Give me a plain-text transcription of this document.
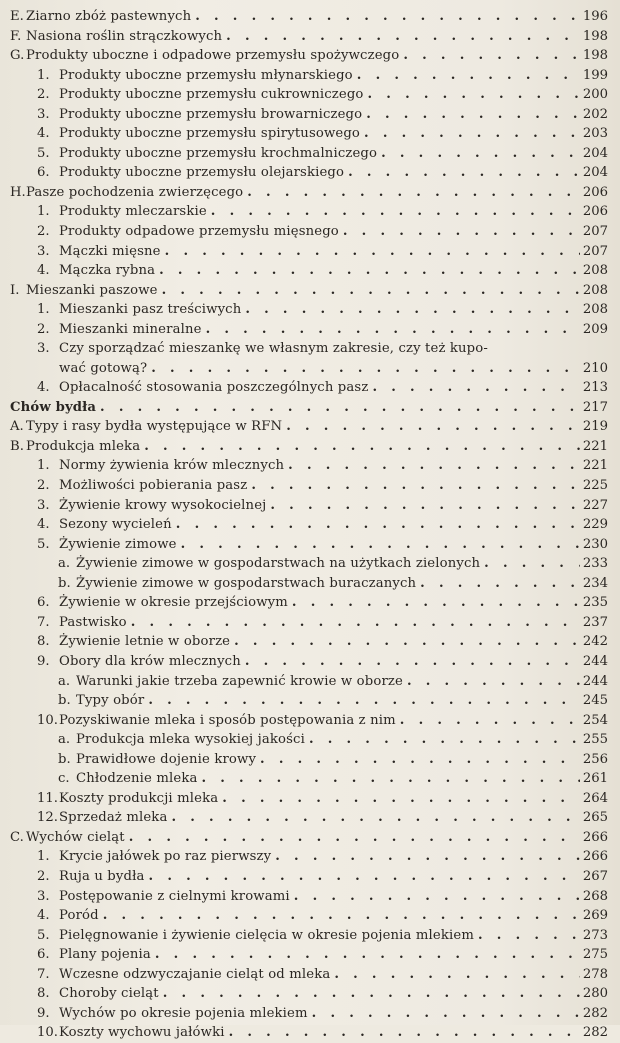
E. Ziarno zbóż pastewnych . . .	196
F. Nasiona roślin strączkowych . . .	198
G. Produkty uboczne i odpadowe przemysłu spożywczego . . .	198
1. Produkty uboczne przemysłu młynarskiego . . .	199
2. Produkty uboczne przemysłu cukrowniczego . . .	200
3. Produkty uboczne przemysłu browarniczego . . .	202
4. Produkty uboczne przemysłu spirytusowego . . .	203
5. Produkty uboczne przemysłu krochmalniczego . . .	204
6. Produkty uboczne przemysłu olejarskiego . . .	204
H. Pasze pochodzenia zwierzęcego . . .	206
1. Produkty mleczarskie . . .	206
2. Produkty odpadowe przemysłu mięsnego . . .	207
3. Mączki mięsne . . .	207
4. Mączka rybna . . .	208
I. Mieszanki paszowe . . .	208
1. Mieszanki pasz treściwych . . .	208
2. Mieszanki mineralne . . .	209
3. Czy sporządzać mieszankę we własnym zakresie, czy też kupo-
wać gotową? . . .	210
4. Opłacalność stosowania poszczególnych pasz . . .	213
Chów bydła . . .	217
A. Typy i rasy bydła występujące w RFN . . .	219
B. Produkcja mleka . . .	221
1. Normy żywienia krów mlecznych . . .	221
2. Możliwości pobierania pasz . . .	225
3. Żywienie krowy wysokocielnej . . .	227
4. Sezony wycieleń . . .	229
5. Żywienie zimowe . . .	230
a. Żywienie zimowe w gospodarstwach na użytkach zielonych . . .	233
b. Żywienie zimowe w gospodarstwach buraczanych . . .	234
6. Żywienie w okresie przejściowym . . .	235
7. Pastwisko . . .	237
8. Żywienie letnie w oborze . . .	242
9. Obory dla krów mlecznych . . .	244
a. Warunki jakie trzeba zapewnić krowie w oborze . . .	244
b. Typy obór . . .	245
10. Pozyskiwanie mleka i sposób postępowania z nim . . .	254
a. Produkcja mleka wysokiej jakości . . .	255
b. Prawidłowe dojenie krowy . . .	256
c. Chłodzenie mleka . . .	261
11. Koszty produkcji mleka . . .	264
12. Sprzedaż mleka . . .	265
C. Wychów cieląt . . .	266
1. Krycie jałówek po raz pierwszy . . .	266
2. Ruja u bydła . . .	267
3. Postępowanie z cielnymi krowami . . .	268
4. Poród . . .	269
5. Pielęgnowanie i żywienie cielęcia w okresie pojenia mlekiem . . .	273
6. Plany pojenia . . .	275
7. Wczesne odzwyczajanie cieląt od mleka . . .	278
8. Choroby cieląt . . .	280
9. Wychów po okresie pojenia mlekiem . . .	282
10. Koszty wychowu jałówki . . .	282
